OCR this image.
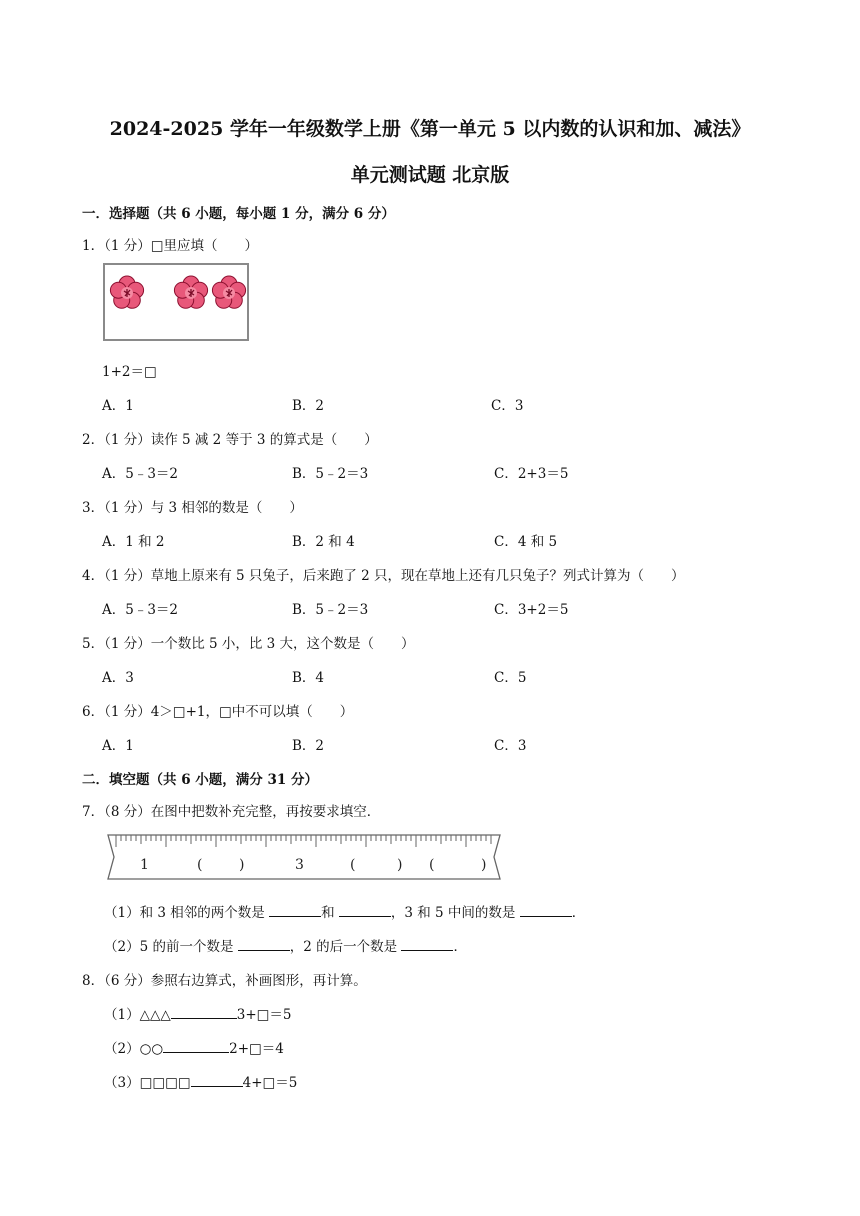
2024-2025 学年一年级数学上册《第一单元 5 以内数的认识和加、减法》
单元测试题 北京版
一．选择题（共 6 小题，每小题 1 分，满分 6 分）
1．（1 分）□里应填（　　）
1+2＝□
A．1	B．2	C．3
2．（1 分）读作 5 减 2 等于 3 的算式是（　　）
A．5﹣3＝2	B．5﹣2＝3	C．2+3＝5
3．（1 分）与 3 相邻的数是（　　）
A．1 和 2	B．2 和 4	C．4 和 5
4．（1 分）草地上原来有 5 只兔子，后来跑了 2 只，现在草地上还有几只兔子？列式计算为（　　）
A．5﹣3＝2	B．5﹣2＝3	C．3+2＝5
5．（1 分）一个数比 5 小，比 3 大，这个数是（　　）
A．3	B．4	C．5
6．（1 分）4＞□+1，□中不可以填（　　）
A．1	B．2	C．3
二．填空题（共 6 小题，满分 31 分）
7．（8 分）在图中把数补充完整，再按要求填空．
1	(	)	3	(	) (	)
（1）和 3 相邻的两个数是	和	，3 和 5 中间的数是	．
（2）5 的前一个数是	，2 的后一个数是	．
8．（6 分）参照右边算式，补画图形，再计算。
（1）△△△	3+□＝5
（2）○○	2+□＝4
（3）□□□□	4+□＝5
